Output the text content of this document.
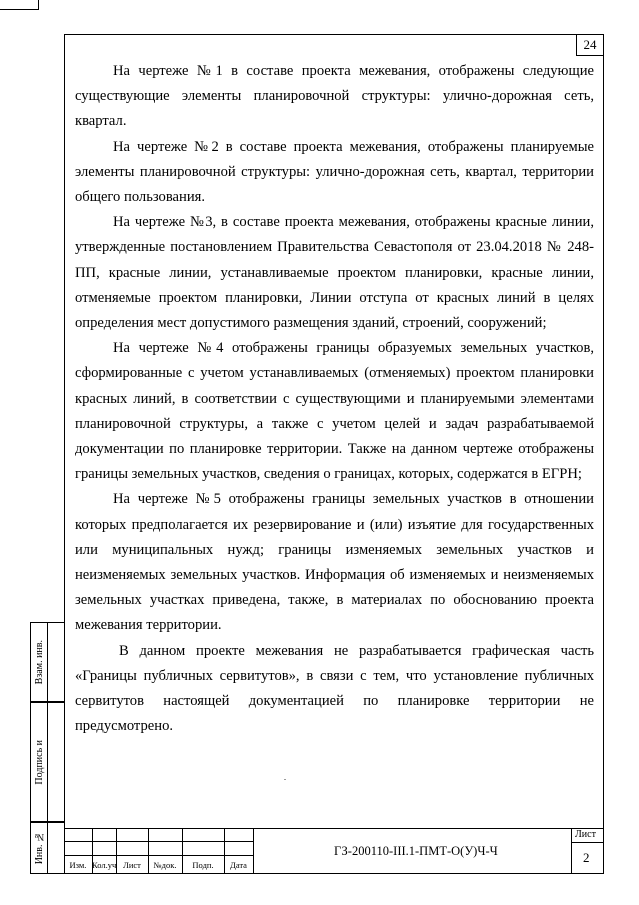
24

На чертеже №1 в составе проекта межевания, отображены следующие существующие элементы планировочной структуры: улично-дорожная сеть, квартал.

На чертеже №2 в составе проекта межевания, отображены планируемые элементы планировочной структуры: улично-дорожная сеть, квартал, территории общего пользования.

На чертеже №3, в составе проекта межевания, отображены красные линии, утвержденные постановлением Правительства Севастополя от 23.04.2018 № 248-ПП, красные линии, устанавливаемые проектом планировки, красные линии, отменяемые проектом планировки, Линии отступа от красных линий в целях определения мест допустимого размещения зданий, строений, сооружений;

На чертеже №4 отображены границы образуемых земельных участков, сформированные с учетом устанавливаемых (отменяемых) проектом планировки красных линий, в соответствии с существующими и планируемыми элементами планировочной структуры, а также с учетом целей и задач разрабатываемой документации по планировке территории. Также на данном чертеже отображены границы земельных участков, сведения о границах, которых, содержатся в ЕГРН;

На чертеже №5 отображены границы земельных участков в отношении которых предполагается их резервирование и (или) изъятие для государственных или муниципальных нужд; границы изменяемых земельных участков и неизменяемых земельных участков. Информация об изменяемых и неизменяемых земельных участках приведена, также, в материалах по обоснованию проекта межевания территории.

В данном проекте межевания не разрабатывается графическая часть «Границы публичных сервитутов», в связи с тем, что установление публичных сервитутов настоящей документацией по планировке территории не предусмотрено.

Взам. инв.
Подпись и
Инв. №
Изм. Кол.уч Лист	№док.	Подп.	Дата
ГЗ-200110-III.1-ПМТ-О(У)Ч-Ч
Лист
2
